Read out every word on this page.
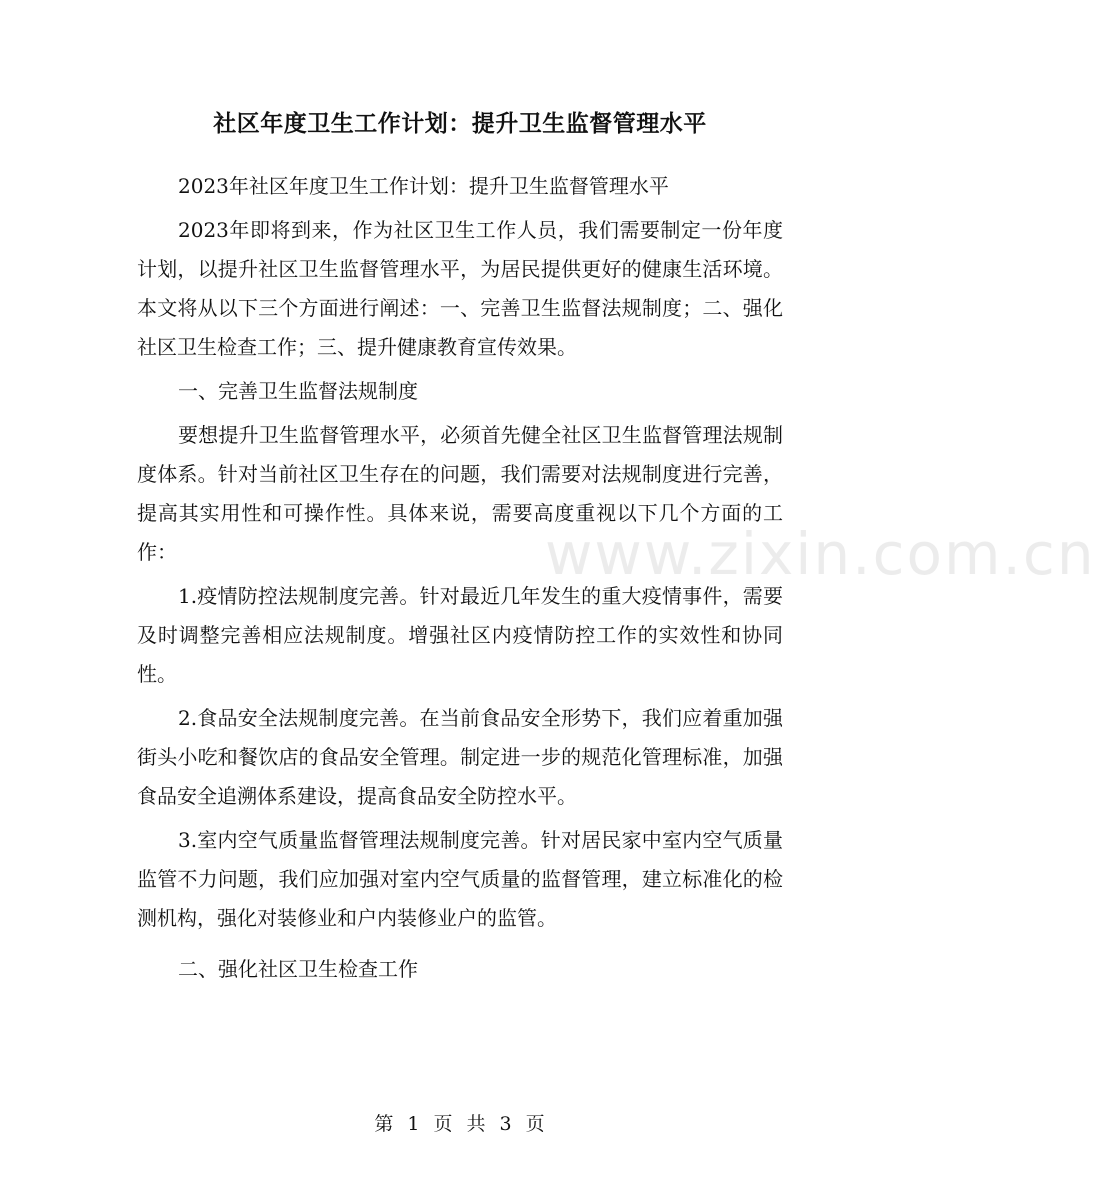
社区年度卫生工作计划：提升卫生监督管理水平

2023年社区年度卫生工作计划：提升卫生监督管理水平

2023年即将到来，作为社区卫生工作人员，我们需要制定一份年度计划，以提升社区卫生监督管理水平，为居民提供更好的健康生活环境。本文将从以下三个方面进行阐述：一、完善卫生监督法规制度；二、强化社区卫生检查工作；三、提升健康教育宣传效果。

一、完善卫生监督法规制度

要想提升卫生监督管理水平，必须首先健全社区卫生监督管理法规制度体系。针对当前社区卫生存在的问题，我们需要对法规制度进行完善，提高其实用性和可操作性。具体来说，需要高度重视以下几个方面的工作：

1.疫情防控法规制度完善。针对最近几年发生的重大疫情事件，需要及时调整完善相应法规制度。增强社区内疫情防控工作的实效性和协同性。

2.食品安全法规制度完善。在当前食品安全形势下，我们应着重加强街头小吃和餐饮店的食品安全管理。制定进一步的规范化管理标准，加强食品安全追溯体系建设，提高食品安全防控水平。

3.室内空气质量监督管理法规制度完善。针对居民家中室内空气质量监管不力问题，我们应加强对室内空气质量的监督管理，建立标准化的检测机构，强化对装修业和户内装修业户的监管。

二、强化社区卫生检查工作

www.zixin.com.cn
第 1 页 共 3 页
